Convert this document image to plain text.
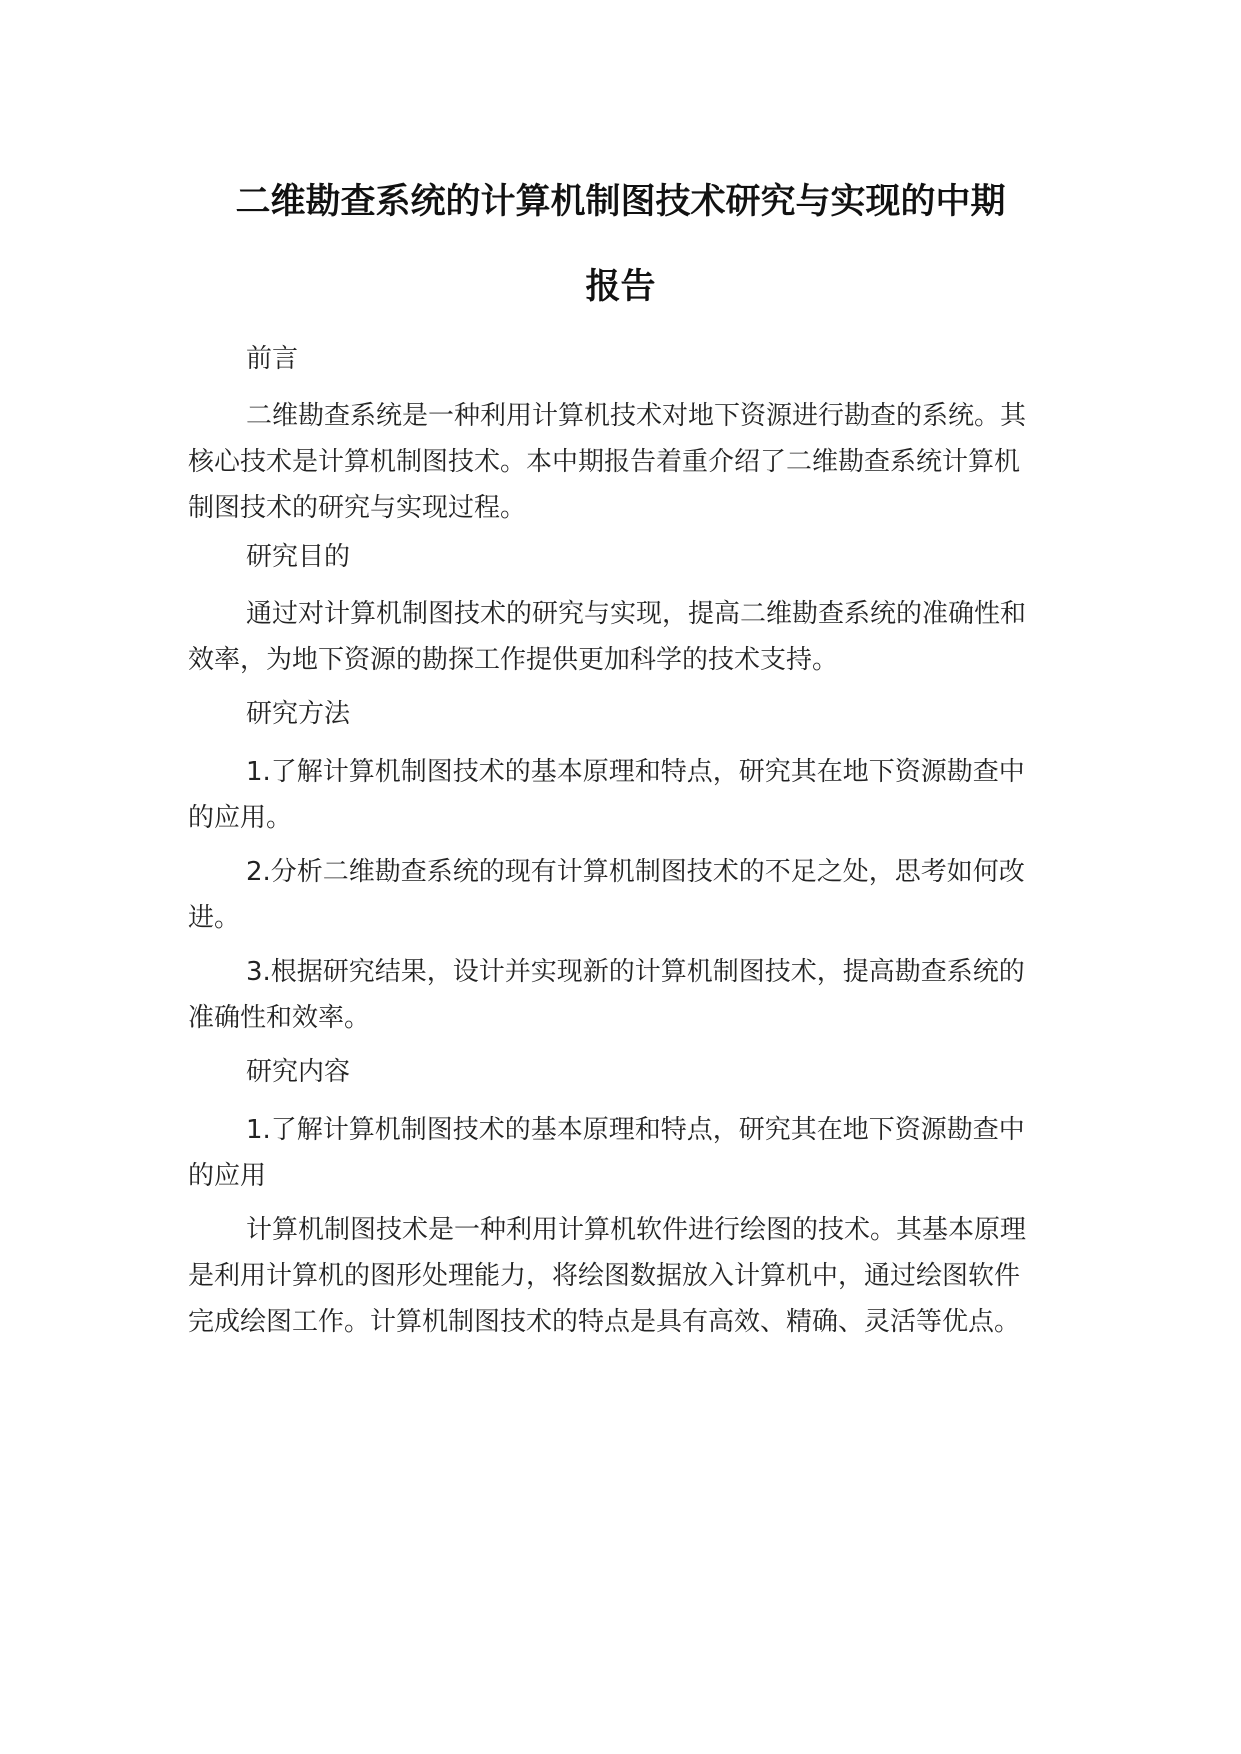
二维勘查系统的计算机制图技术研究与实现的中期
报告
前言

二维勘查系统是一种利用计算机技术对地下资源进行勘查的系统。其核心技术是计算机制图技术。本中期报告着重介绍了二维勘查系统计算机制图技术的研究与实现过程。

研究目的

通过对计算机制图技术的研究与实现，提高二维勘查系统的准确性和效率，为地下资源的勘探工作提供更加科学的技术支持。

研究方法

1.了解计算机制图技术的基本原理和特点，研究其在地下资源勘查中的应用。

2.分析二维勘查系统的现有计算机制图技术的不足之处，思考如何改进。

3.根据研究结果，设计并实现新的计算机制图技术，提高勘查系统的准确性和效率。

研究内容

1.了解计算机制图技术的基本原理和特点，研究其在地下资源勘查中的应用

计算机制图技术是一种利用计算机软件进行绘图的技术。其基本原理是利用计算机的图形处理能力，将绘图数据放入计算机中，通过绘图软件完成绘图工作。计算机制图技术的特点是具有高效、精确、灵活等优点。
